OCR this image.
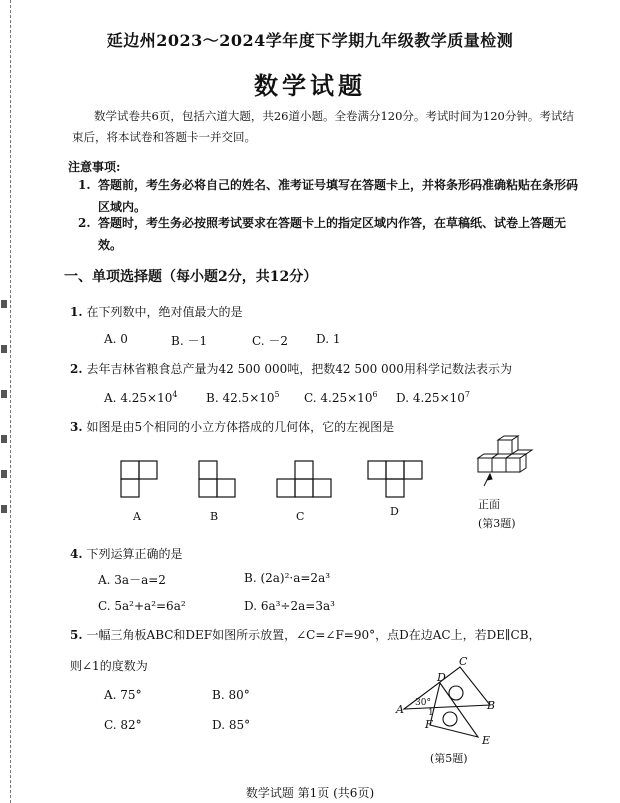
延边州2023～2024学年度下学期九年级教学质量检测
数学试题
数学试卷共6页，包括六道大题，共26道小题。全卷满分120分。考试时间为120分钟。考试结束后，将本试卷和答题卡一并交回。
注意事项:
1. 答题前，考生务必将自己的姓名、准考证号填写在答题卡上，并将条形码准确粘贴在条形码区域内。
2. 答题时，考生务必按照考试要求在答题卡上的指定区域内作答，在草稿纸、试卷上答题无效。
一、单项选择题（每小题2分，共12分）
1. 在下列数中，绝对值最大的是
A. 0	B. －1	C. －2 D. 1
2. 去年吉林省粮食总产量为42 500 000吨，把数42 500 000用科学记数法表示为
A. $4.25\times 10^4$ B. $42.5\times 10^5$ C. $4.25\times 10^6$ D. $4.25\times 10^7$
3. 如图是由5个相同的小立方体搭成的几何体，它的左视图是
A	B	C	D
正面
(第3题)
4. 下列运算正确的是
A. 3a－a=2	B. (2a)²·a=2a³
C. 5a²+a²=6a²	D. 6a³÷2a=3a³
5. 一幅三角板ABC和DEF如图所示放置，∠C=∠F=90°，点D在边AC上，若DE∥CB，
则∠1的度数为
A. 75°	B. 80°
C. 82°	D. 85°
C
D
A	B
F
E
30°
1
(第5题)
数学试题 第1页 (共6页)
